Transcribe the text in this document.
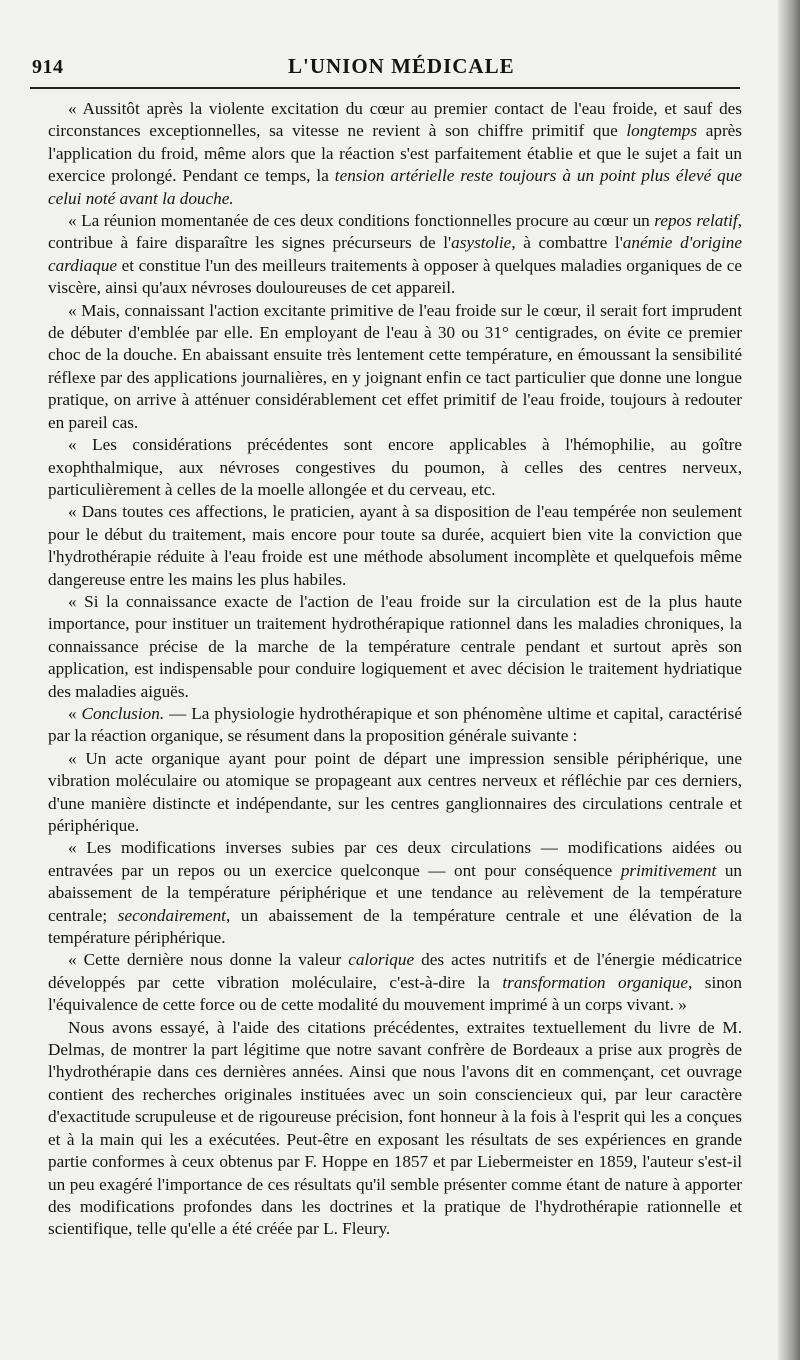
914	L'UNION MÉDICALE

« Aussitôt après la violente excitation du cœur au premier contact de l'eau froide, et sauf des circonstances exceptionnelles, sa vitesse ne revient à son chiffre primitif que longtemps après l'application du froid, même alors que la réaction s'est parfaitement établie et que le sujet a fait un exercice prolongé. Pendant ce temps, la tension artérielle reste toujours à un point plus élevé que celui noté avant la douche.

« La réunion momentanée de ces deux conditions fonctionnelles procure au cœur un repos relatif, contribue à faire disparaître les signes précurseurs de l'asystolie, à combattre l'anémie d'origine cardiaque et constitue l'un des meilleurs traitements à opposer à quelques maladies organiques de ce viscère, ainsi qu'aux névroses douloureuses de cet appareil.

« Mais, connaissant l'action excitante primitive de l'eau froide sur le cœur, il serait fort imprudent de débuter d'emblée par elle. En employant de l'eau à 30 ou 31° centigrades, on évite ce premier choc de la douche. En abaissant ensuite très lentement cette température, en émoussant la sensibilité réflexe par des applications journalières, en y joignant enfin ce tact particulier que donne une longue pratique, on arrive à atténuer considérablement cet effet primitif de l'eau froide, toujours à redouter en pareil cas.

« Les considérations précédentes sont encore applicables à l'hémophilie, au goître exophthalmique, aux névroses congestives du poumon, à celles des centres nerveux, particulièrement à celles de la moelle allongée et du cerveau, etc.

« Dans toutes ces affections, le praticien, ayant à sa disposition de l'eau tempérée non seulement pour le début du traitement, mais encore pour toute sa durée, acquiert bien vite la conviction que l'hydrothérapie réduite à l'eau froide est une méthode absolument incomplète et quelquefois même dangereuse entre les mains les plus habiles.

« Si la connaissance exacte de l'action de l'eau froide sur la circulation est de la plus haute importance, pour instituer un traitement hydrothérapique rationnel dans les maladies chroniques, la connaissance précise de la marche de la température centrale pendant et surtout après son application, est indispensable pour conduire logiquement et avec décision le traitement hydriatique des maladies aiguës.

« Conclusion. — La physiologie hydrothérapique et son phénomène ultime et capital, caractérisé par la réaction organique, se résument dans la proposition générale suivante :

« Un acte organique ayant pour point de départ une impression sensible périphérique, une vibration moléculaire ou atomique se propageant aux centres nerveux et réfléchie par ces derniers, d'une manière distincte et indépendante, sur les centres ganglionnaires des circulations centrale et périphérique.

« Les modifications inverses subies par ces deux circulations — modifications aidées ou entravées par un repos ou un exercice quelconque — ont pour conséquence primitivement un abaissement de la température périphérique et une tendance au relèvement de la température centrale; secondairement, un abaissement de la température centrale et une élévation de la température périphérique.

« Cette dernière nous donne la valeur calorique des actes nutritifs et de l'énergie médicatrice développés par cette vibration moléculaire, c'est-à-dire la transformation organique, sinon l'équivalence de cette force ou de cette modalité du mouvement imprimé à un corps vivant. »

Nous avons essayé, à l'aide des citations précédentes, extraites textuellement du livre de M. Delmas, de montrer la part légitime que notre savant confrère de Bordeaux a prise aux progrès de l'hydrothérapie dans ces dernières années. Ainsi que nous l'avons dit en commençant, cet ouvrage contient des recherches originales instituées avec un soin consciencieux qui, par leur caractère d'exactitude scrupuleuse et de rigoureuse précision, font honneur à la fois à l'esprit qui les a conçues et à la main qui les a exécutées. Peut-être en exposant les résultats de ses expériences en grande partie conformes à ceux obtenus par F. Hoppe en 1857 et par Liebermeister en 1859, l'auteur s'est-il un peu exagéré l'importance de ces résultats qu'il semble présenter comme étant de nature à apporter des modifications profondes dans les doctrines et la pratique de l'hydrothérapie rationnelle et scientifique, telle qu'elle a été créée par L. Fleury.
